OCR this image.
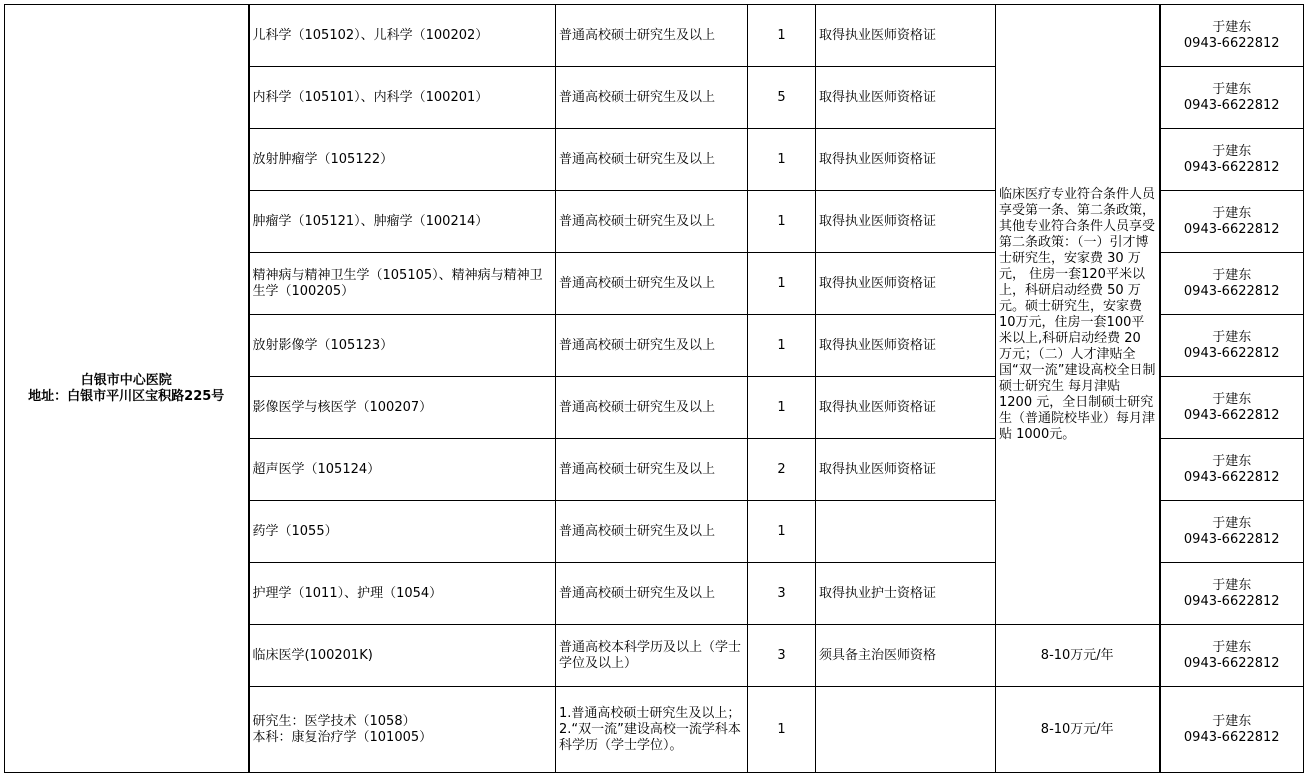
白银市中心医院
地址：白银市平川区宝积路225号	儿科学（105102）、儿科学（100202）	普通高校硕士研究生及以上	1	取得执业医师资格证	临床医疗专业符合条件人员享受第一条、第二条政策，其他专业符合条件人员享受第二条政策：（一）引才博士研究生，安家费 30 万元， 住房一套120平米以上，科研启动经费 50 万元。硕士研究生，安家费10万元，住房一套100平米以上,科研启动经费 20 万元；（二）人才津贴全国“双一流”建设高校全日制硕士研究生 每月津贴 1200 元，全日制硕士研究生（普通院校毕业）每月津贴 1000元。	于建东
0943-6622812

	内科学（105101）、内科学（100201）	普通高校硕士研究生及以上	5	取得执业医师资格证		于建东
0943-6622812

	放射肿瘤学（105122）	普通高校硕士研究生及以上	1	取得执业医师资格证		于建东
0943-6622812

	肿瘤学（105121）、肿瘤学（100214）	普通高校硕士研究生及以上	1	取得执业医师资格证		于建东
0943-6622812

	精神病与精神卫生学（105105）、精神病与精神卫生学（100205）	普通高校硕士研究生及以上	1	取得执业医师资格证		于建东
0943-6622812

	放射影像学（105123）	普通高校硕士研究生及以上	1	取得执业医师资格证		于建东
0943-6622812

	影像医学与核医学（100207）	普通高校硕士研究生及以上	1	取得执业医师资格证		于建东
0943-6622812

	超声医学（105124）	普通高校硕士研究生及以上	2	取得执业医师资格证		于建东
0943-6622812

	药学（1055）	普通高校硕士研究生及以上	1			于建东
0943-6622812

	护理学（1011）、护理（1054）	普通高校硕士研究生及以上	3	取得执业护士资格证		于建东
0943-6622812

	临床医学(100201K)	普通高校本科学历及以上（学士学位及以上）	3	须具备主治医师资格	8-10万元/年	于建东
0943-6622812

	研究生：医学技术（1058）
本科：康复治疗学（101005）	1.普通高校硕士研究生及以上；
2.“双一流”建设高校一流学科本科学历（学士学位）。	1		8-10万元/年	于建东
0943-6622812
